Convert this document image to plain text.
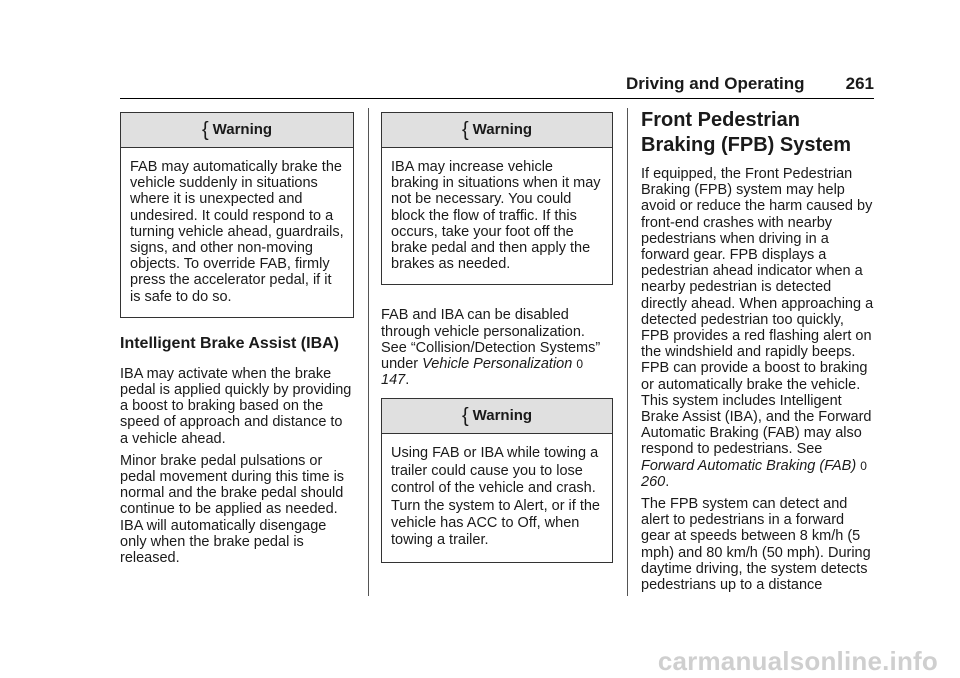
Driving and Operating 261
{ Warning
FAB may automatically brake the vehicle suddenly in situations where it is unexpected and undesired. It could respond to a turning vehicle ahead, guardrails, signs, and other non-moving objects. To override FAB, firmly press the accelerator pedal, if it is safe to do so.
Intelligent Brake Assist (IBA)

IBA may activate when the brake pedal is applied quickly by providing a boost to braking based on the speed of approach and distance to a vehicle ahead.

Minor brake pedal pulsations or pedal movement during this time is normal and the brake pedal should continue to be applied as needed. IBA will automatically disengage only when the brake pedal is released.

{ Warning
IBA may increase vehicle braking in situations when it may not be necessary. You could block the flow of traffic. If this occurs, take your foot off the brake pedal and then apply the brakes as needed.

FAB and IBA can be disabled through vehicle personalization. See “Collision/Detection Systems” under Vehicle Personalization 0 147.

{ Warning
Using FAB or IBA while towing a trailer could cause you to lose control of the vehicle and crash. Turn the system to Alert, or if the vehicle has ACC to Off, when towing a trailer.
Front Pedestrian Braking (FPB) System

If equipped, the Front Pedestrian Braking (FPB) system may help avoid or reduce the harm caused by front-end crashes with nearby pedestrians when driving in a forward gear. FPB displays a pedestrian ahead indicator when a nearby pedestrian is detected directly ahead. When approaching a detected pedestrian too quickly, FPB provides a red flashing alert on the windshield and rapidly beeps. FPB can provide a boost to braking or automatically brake the vehicle. This system includes Intelligent Brake Assist (IBA), and the Forward Automatic Braking (FAB) may also respond to pedestrians. See Forward Automatic Braking (FAB) 0 260.

The FPB system can detect and alert to pedestrians in a forward gear at speeds between 8 km/h (5 mph) and 80 km/h (50 mph). During daytime driving, the system detects pedestrians up to a distance

carmanualsonline.info
